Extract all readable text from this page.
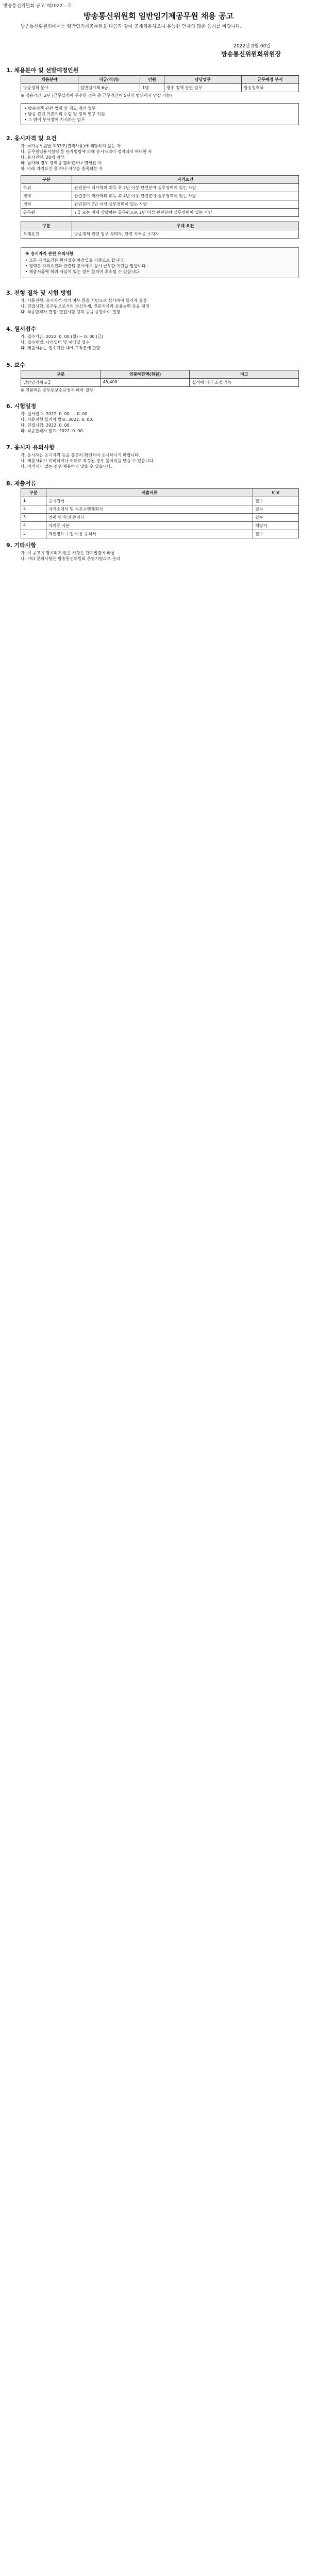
방송통신위원회 공고 제2022 - 호
방송통신위원회 일반임기제공무원 채용 공고
방송통신위원회에서는 일반임기제공무원을 다음과 같이 공개채용하오니 유능한 인재의 많은 응시를 바랍니다.
2022년 0월 00일
방송통신위원회위원장
1. 채용분야 및 선발예정인원
채용분야	직급(직위)	인원	담당업무	근무예정 부서
방송정책 분야	일반임기제 6급	1명	방송 정책 관련 업무	방송정책국
※ 임용기간: 2년 (근무실적이 우수한 경우 총 근무기간이 5년의 범위에서 연장 가능)
• 방송정책 관련 법령 및 제도 개선 업무
• 방송 관련 기본계획 수립 및 정책 연구 지원
• 그 밖에 부서장이 지시하는 업무
2. 응시자격 및 요건
가. 국가공무원법 제33조(결격사유)에 해당하지 않는 자
나. 공무원임용시험령 등 관계법령에 의해 응시자격이 정지되지 아니한 자
다. 응시연령: 20세 이상
라. 남자의 경우 병역을 필하였거나 면제된 자
마. 아래 자격요건 중 하나 이상을 충족하는 자
구분	자격요건
학위	관련분야 석사학위 취득 후 2년 이상 관련분야 실무경력이 있는 사람
경력	관련분야 학사학위 취득 후 4년 이상 관련분야 실무경력이 있는 사람
경력	관련분야 7년 이상 실무경력이 있는 사람
공무원	7급 또는 이에 상당하는 공무원으로 2년 이상 관련분야 실무경력이 있는 사람
구분	우대 요건
우대요건	방송정책 관련 업무 경력자, 관련 자격증 소지자
※ 응시자격 관련 유의사항
• 모든 자격요건은 원서접수 마감일을 기준으로 합니다.
• 경력은 자격요건과 관련된 분야에서 상시 근무한 기간을 말합니다.
• 제출서류에 허위 사실이 있는 경우 합격이 취소될 수 있습니다.
3. 전형 절차 및 시험 방법
가. 서류전형: 응시자격 적격 여부 등을 서면으로 심사하여 합격자 결정
나. 면접시험: 공무원으로서의 정신자세, 전문지식과 응용능력 등을 평정
다. 최종합격자 결정: 면접시험 성적 등을 종합하여 결정
4. 원서접수
가. 접수기간: 2022. 0. 00.(월) ~ 0. 00.(금)
나. 접수방법: 나라일터 및 이메일 접수
다. 제출서류는 접수기간 내에 도착분에 한함
5. 보수
구분	연봉하한액(천원)	비고
일반임기제 6급	45,400	실적에 따라 조정 가능
※ 연봉액은 공무원보수규정에 따라 결정
6. 시험일정
가. 원서접수: 2022. 0. 00. ~ 0. 00.
나. 서류전형 합격자 발표: 2022. 0. 00.
다. 면접시험: 2022. 0. 00.
라. 최종합격자 발표: 2022. 0. 00.
7. 응시자 유의사항
가. 응시자는 응시자격 등을 충분히 확인하여 응시하시기 바랍니다.
나. 제출서류가 미비하거나 허위로 작성된 경우 불이익을 받을 수 있습니다.
다. 적격자가 없는 경우 채용하지 않을 수 있습니다.
8. 제출서류
구분	제출서류	비고
1	응시원서	필수
2	자기소개서 및 직무수행계획서	필수
3	경력 및 학위 증명서	필수
4	자격증 사본	해당자
5	개인정보 수집·이용 동의서	필수
9. 기타사항
가. 이 공고에 명시되지 않은 사항은 관계법령에 따름
나. 기타 문의사항은 방송통신위원회 운영지원과로 문의
